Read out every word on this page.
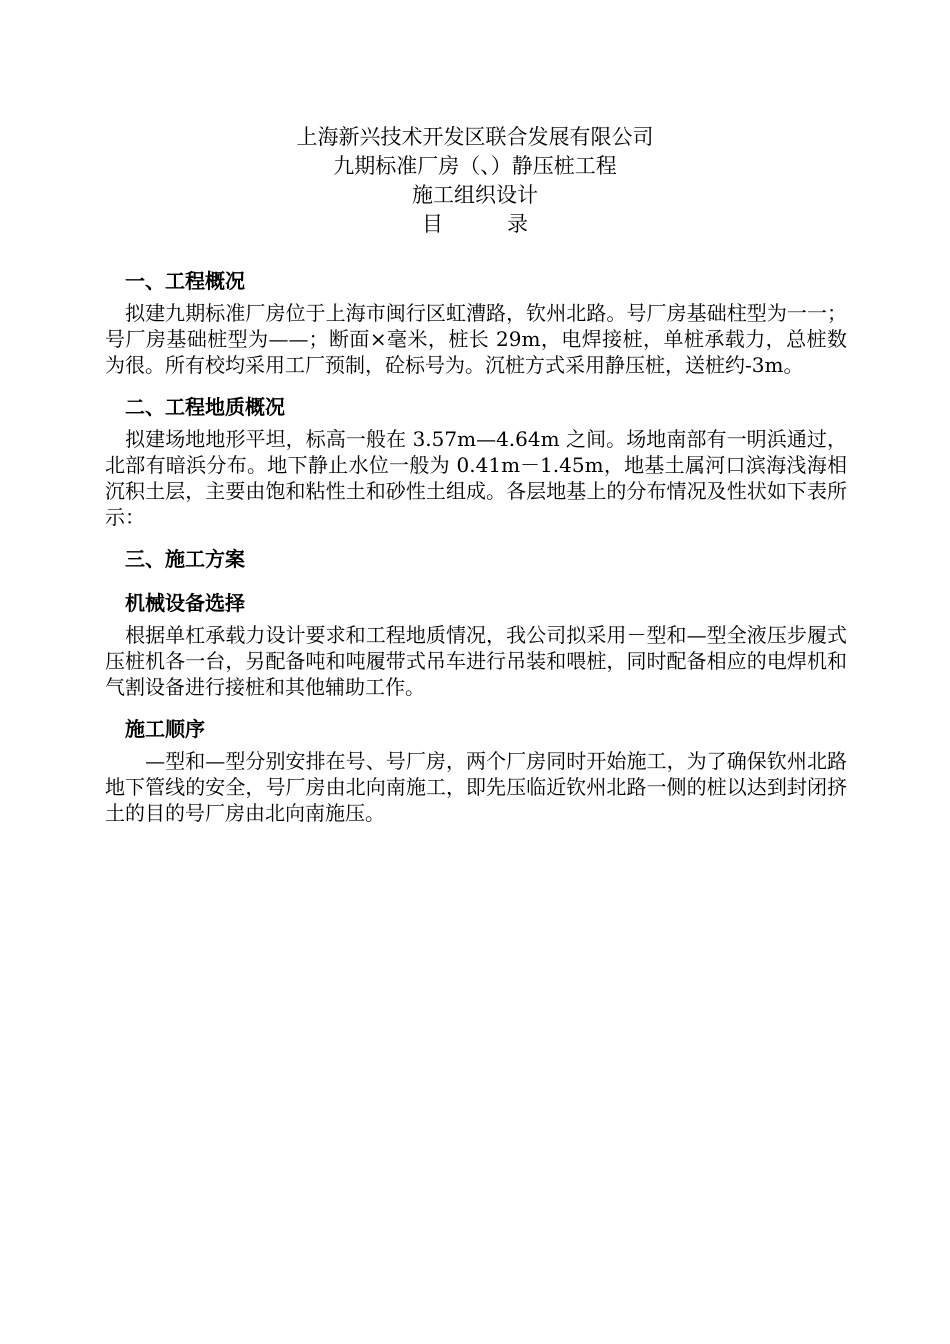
上海新兴技术开发区联合发展有限公司
九期标准厂房（、）静压桩工程
施工组织设计
目	录
一、工程概况

　拟建九期标准厂房位于上海市闽行区虹漕路，钦州北路。号厂房基础柱型为一一；号厂房基础桩型为——；断面×毫米，桩长 29m，电焊接桩，单桩承载力，总桩数为很。所有校均采用工厂预制，砼标号为。沉桩方式采用静压桩，送桩约-3m。

二、工程地质概况

　拟建场地地形平坦，标高一般在 3.57m—4.64m 之间。场地南部有一明浜通过，北部有暗浜分布。地下静止水位一般为 0.41m－1.45m，地基土属河口滨海浅海相沉积土层，主要由饱和粘性土和砂性土组成。各层地基上的分布情况及性状如下表所示：

三、施工方案
机械设备选择

　根据单杠承载力设计要求和工程地质情况，我公司拟采用－型和—型全液压步履式压桩机各一台，另配备吨和吨履带式吊车进行吊装和喂桩，同时配备相应的电焊机和气割设备进行接桩和其他辅助工作。

施工顺序

　　—型和—型分别安排在号、号厂房，两个厂房同时开始施工，为了确保钦州北路地下管线的安全，号厂房由北向南施工，即先压临近钦州北路一侧的桩以达到封闭挤土的目的号厂房由北向南施压。
